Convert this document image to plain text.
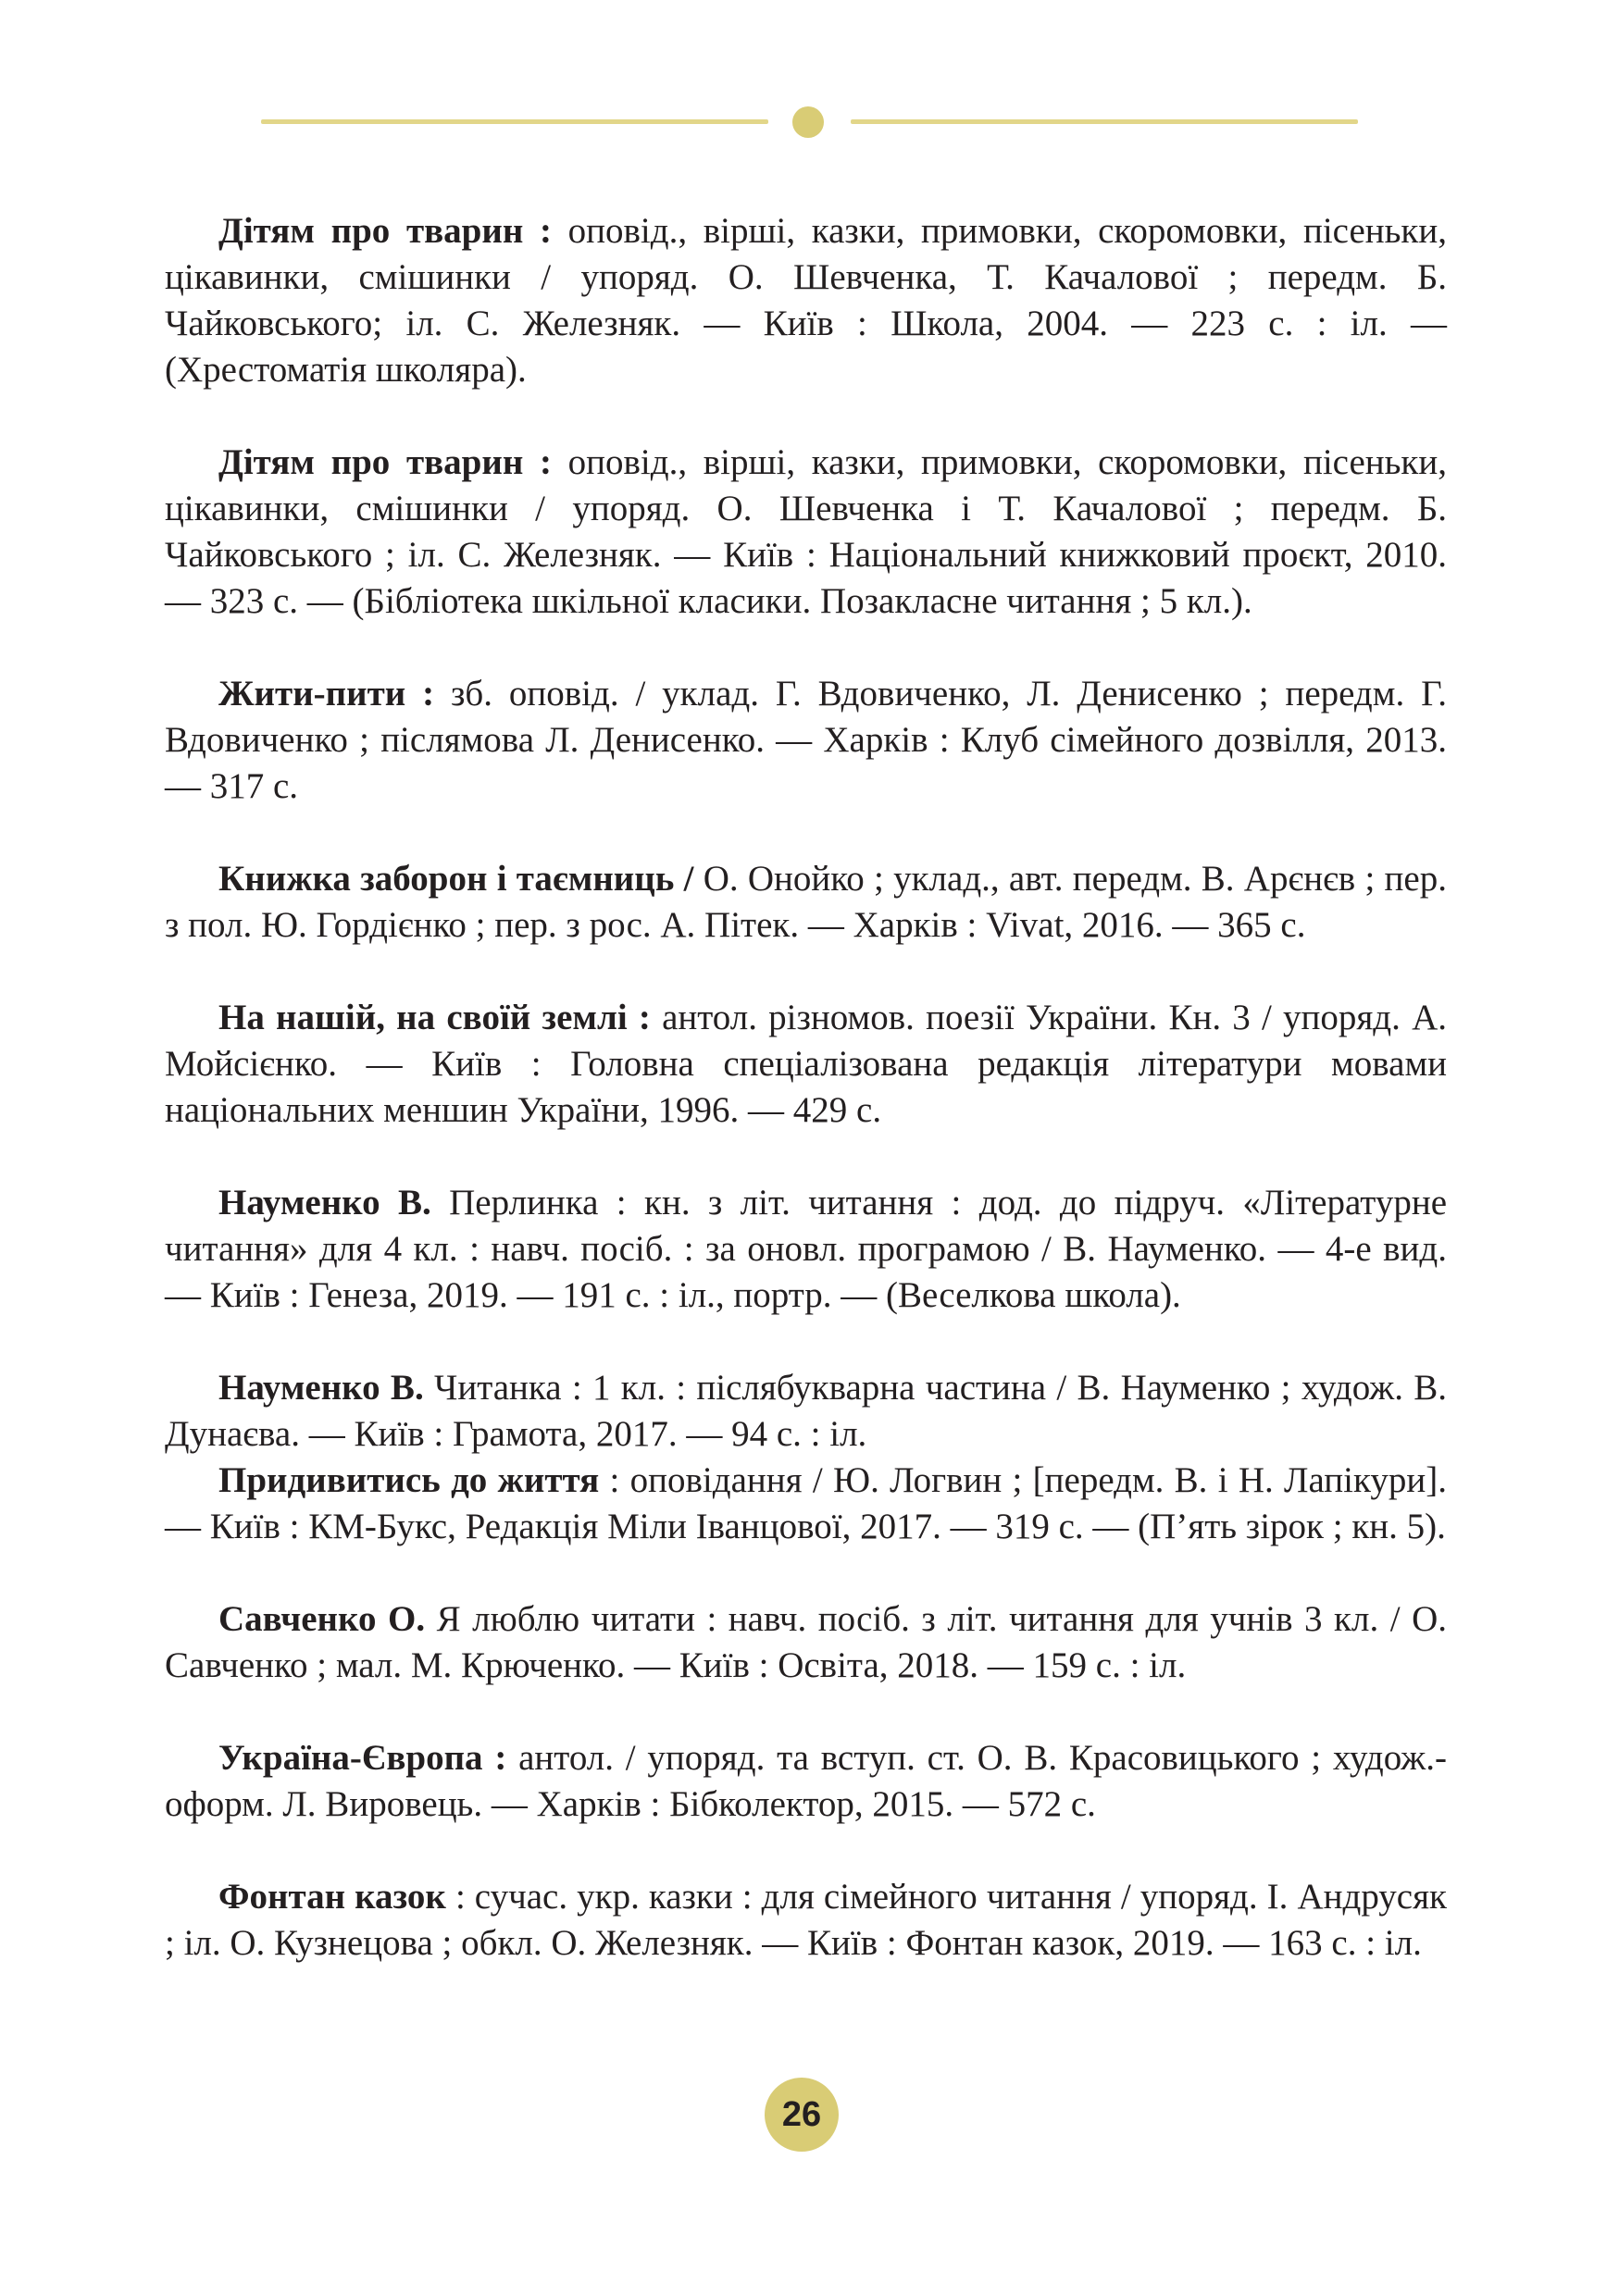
Дітям про тварин : оповід., вірші, казки, примовки, скоромовки, пісеньки, цікавинки, смішинки / упоряд. О. Шевченка, Т. Качалової ; передм. Б. Чайковського; іл. С. Железняк. — Київ : Школа, 2004. — 223 с. : іл. — (Хрестоматія школяра).

Дітям про тварин : оповід., вірші, казки, примовки, скоромовки, пісеньки, цікавинки, смішинки / упоряд. О. Шевченка і Т. Качалової ; передм. Б. Чайковського ; іл. С. Железняк. — Київ : Національний книжковий проєкт, 2010. — 323 с. — (Бібліотека шкільної класики. Позакласне читання ; 5 кл.).

Жити-пити : зб. оповід. / уклад. Г. Вдовиченко, Л. Денисенко ; передм. Г. Вдовиченко ; післямова Л. Денисенко. — Харків : Клуб сімейного дозвілля, 2013. — 317 с.

Книжка заборон і таємниць / О. Онойко ; уклад., авт. передм. В. Арєнєв ; пер. з пол. Ю. Гордієнко ; пер. з рос. А. Пітек. — Харків : Vivat, 2016. — 365 с.

На нашій, на своїй землі : антол. різномов. поезії України. Кн. 3 / упоряд. А. Мойсієнко. — Київ : Головна спеціалізована редакція літератури мовами національних меншин України, 1996. — 429 с.

Науменко В. Перлинка : кн. з літ. читання : дод. до підруч. «Літературне читання» для 4 кл. : навч. посіб. : за оновл. програмою / В. Науменко. — 4-е вид. — Київ : Генеза, 2019. — 191 с. : іл., портр. — (Веселкова школа).

Науменко В. Читанка : 1 кл. : післябукварна частина / В. Науменко ; худож. В. Дунаєва. — Київ : Грамота, 2017. — 94 с. : іл.

Придивитись до життя : оповідання / Ю. Логвин ; [передм. В. і Н. Лапікури]. — Київ : КМ-Букс, Редакція Міли Іванцової, 2017. — 319 с. — (П’ять зірок ; кн. 5).

Савченко О. Я люблю читати : навч. посіб. з літ. читання для учнів 3 кл. / О. Савченко ; мал. М. Крюченко. — Київ : Освіта, 2018. — 159 с. : іл.

Україна-Європа : антол. / упоряд. та вступ. ст. О. В. Красовицького ; худож.-оформ. Л. Вировець. — Харків : Бібколектор, 2015. — 572 с.

Фонтан казок : сучас. укр. казки : для сімейного читання / упоряд. І. Андрусяк ; іл. О. Кузнецова ; обкл. О. Железняк. — Київ : Фонтан казок, 2019. — 163 с. : іл.

26
